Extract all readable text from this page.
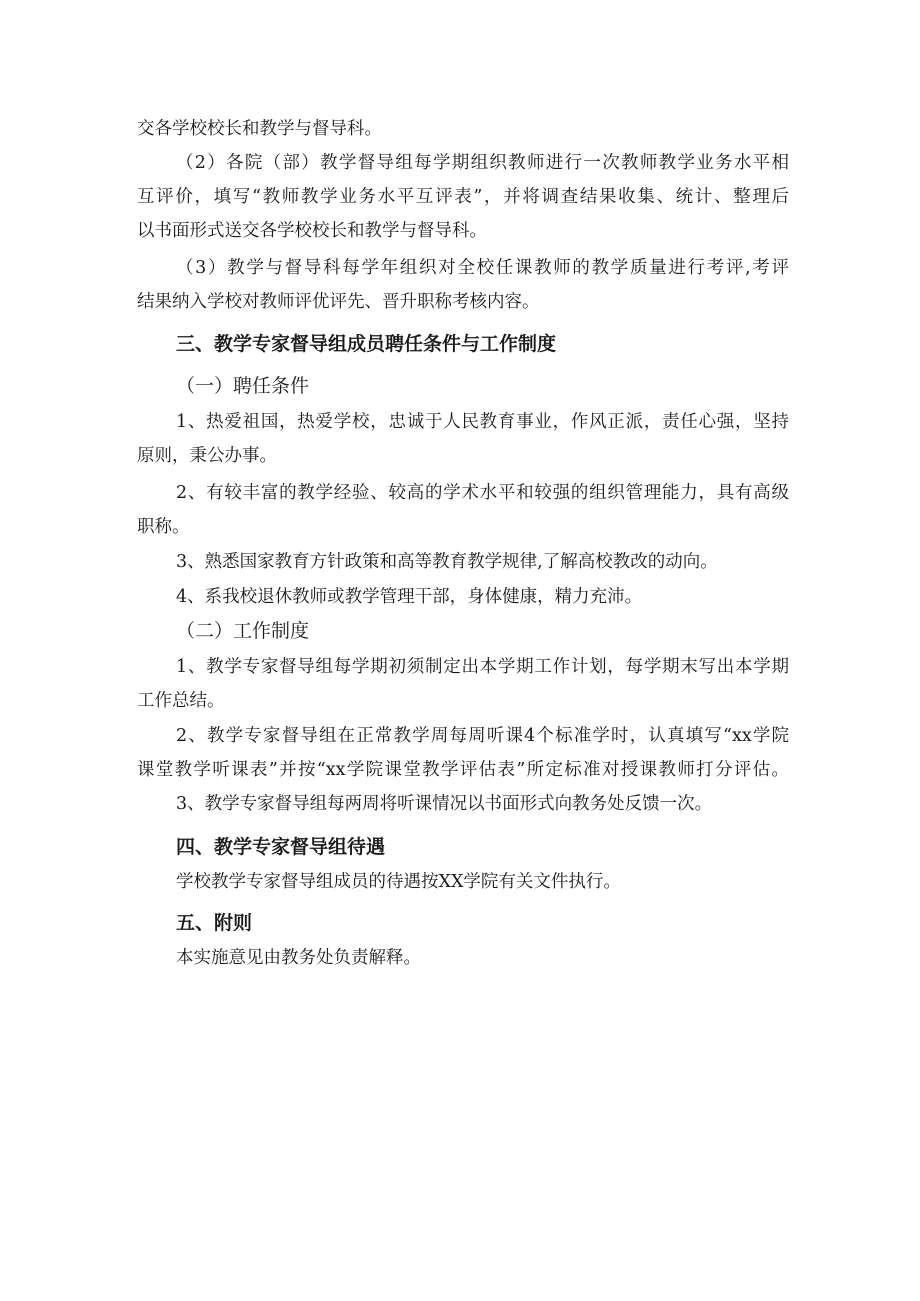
交各学校校长和教学与督导科。
（2）各院（部）教学督导组每学期组织教师进行一次教师教学业务水平相
互评价，填写“教师教学业务水平互评表”，并将调查结果收集、统计、整理后
以书面形式送交各学校校长和教学与督导科。
（3）教学与督导科每学年组织对全校任课教师的教学质量进行考评,考评
结果纳入学校对教师评优评先、晋升职称考核内容。
三、教学专家督导组成员聘任条件与工作制度
（一）聘任条件
1、热爱祖国，热爱学校，忠诚于人民教育事业，作风正派，责任心强，坚持
原则，秉公办事。
2、有较丰富的教学经验、较高的学术水平和较强的组织管理能力，具有高级
职称。
3、熟悉国家教育方针政策和高等教育教学规律,了解高校教改的动向。
4、系我校退休教师或教学管理干部，身体健康，精力充沛。
（二）工作制度
1、教学专家督导组每学期初须制定出本学期工作计划，每学期末写出本学期
工作总结。
2、教学专家督导组在正常教学周每周听课4个标准学时，认真填写“xx学院
课堂教学听课表”并按“xx学院课堂教学评估表”所定标准对授课教师打分评估。
3、教学专家督导组每两周将听课情况以书面形式向教务处反馈一次。
四、教学专家督导组待遇
学校教学专家督导组成员的待遇按XX学院有关文件执行。
五、附则
本实施意见由教务处负责解释。
